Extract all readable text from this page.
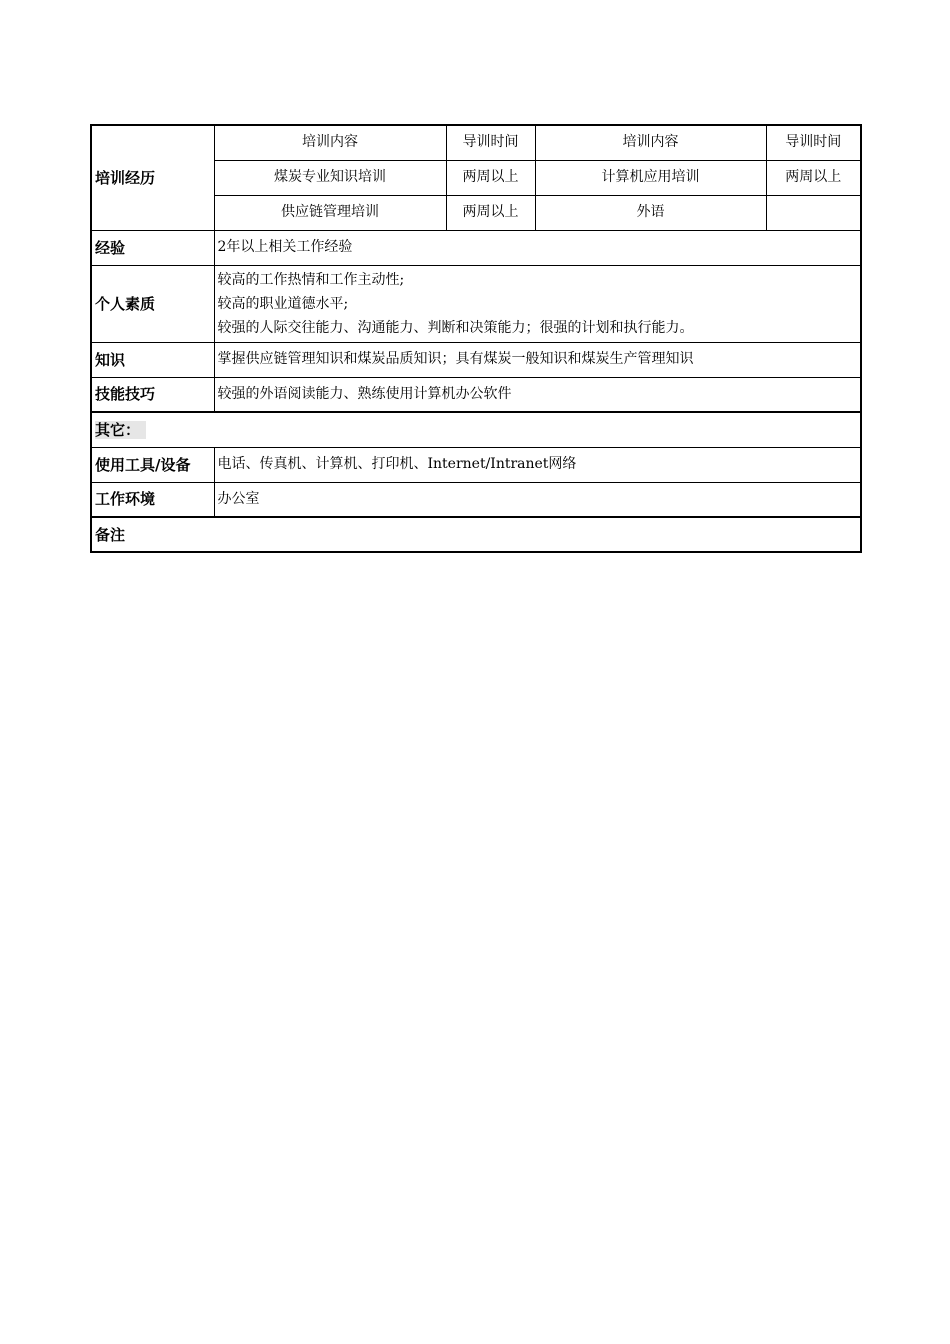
培训经历	培训内容	导训时间	培训内容	导训时间
	煤炭专业知识培训	两周以上	计算机应用培训	两周以上
	供应链管理培训	两周以上	外语	
经验	2年以上相关工作经验			
个人素质	较高的工作热情和工作主动性;
较高的职业道德水平;
较强的人际交往能力、沟通能力、判断和决策能力；很强的计划和执行能力。			

知识	掌握供应链管理知识和煤炭品质知识；具有煤炭一般知识和煤炭生产管理知识			
技能技巧	较强的外语阅读能力、熟练使用计算机办公软件			
其它：				
使用工具/设备	电话、传真机、计算机、打印机、Internet/Intranet网络			
工作环境	办公室			
备注				
